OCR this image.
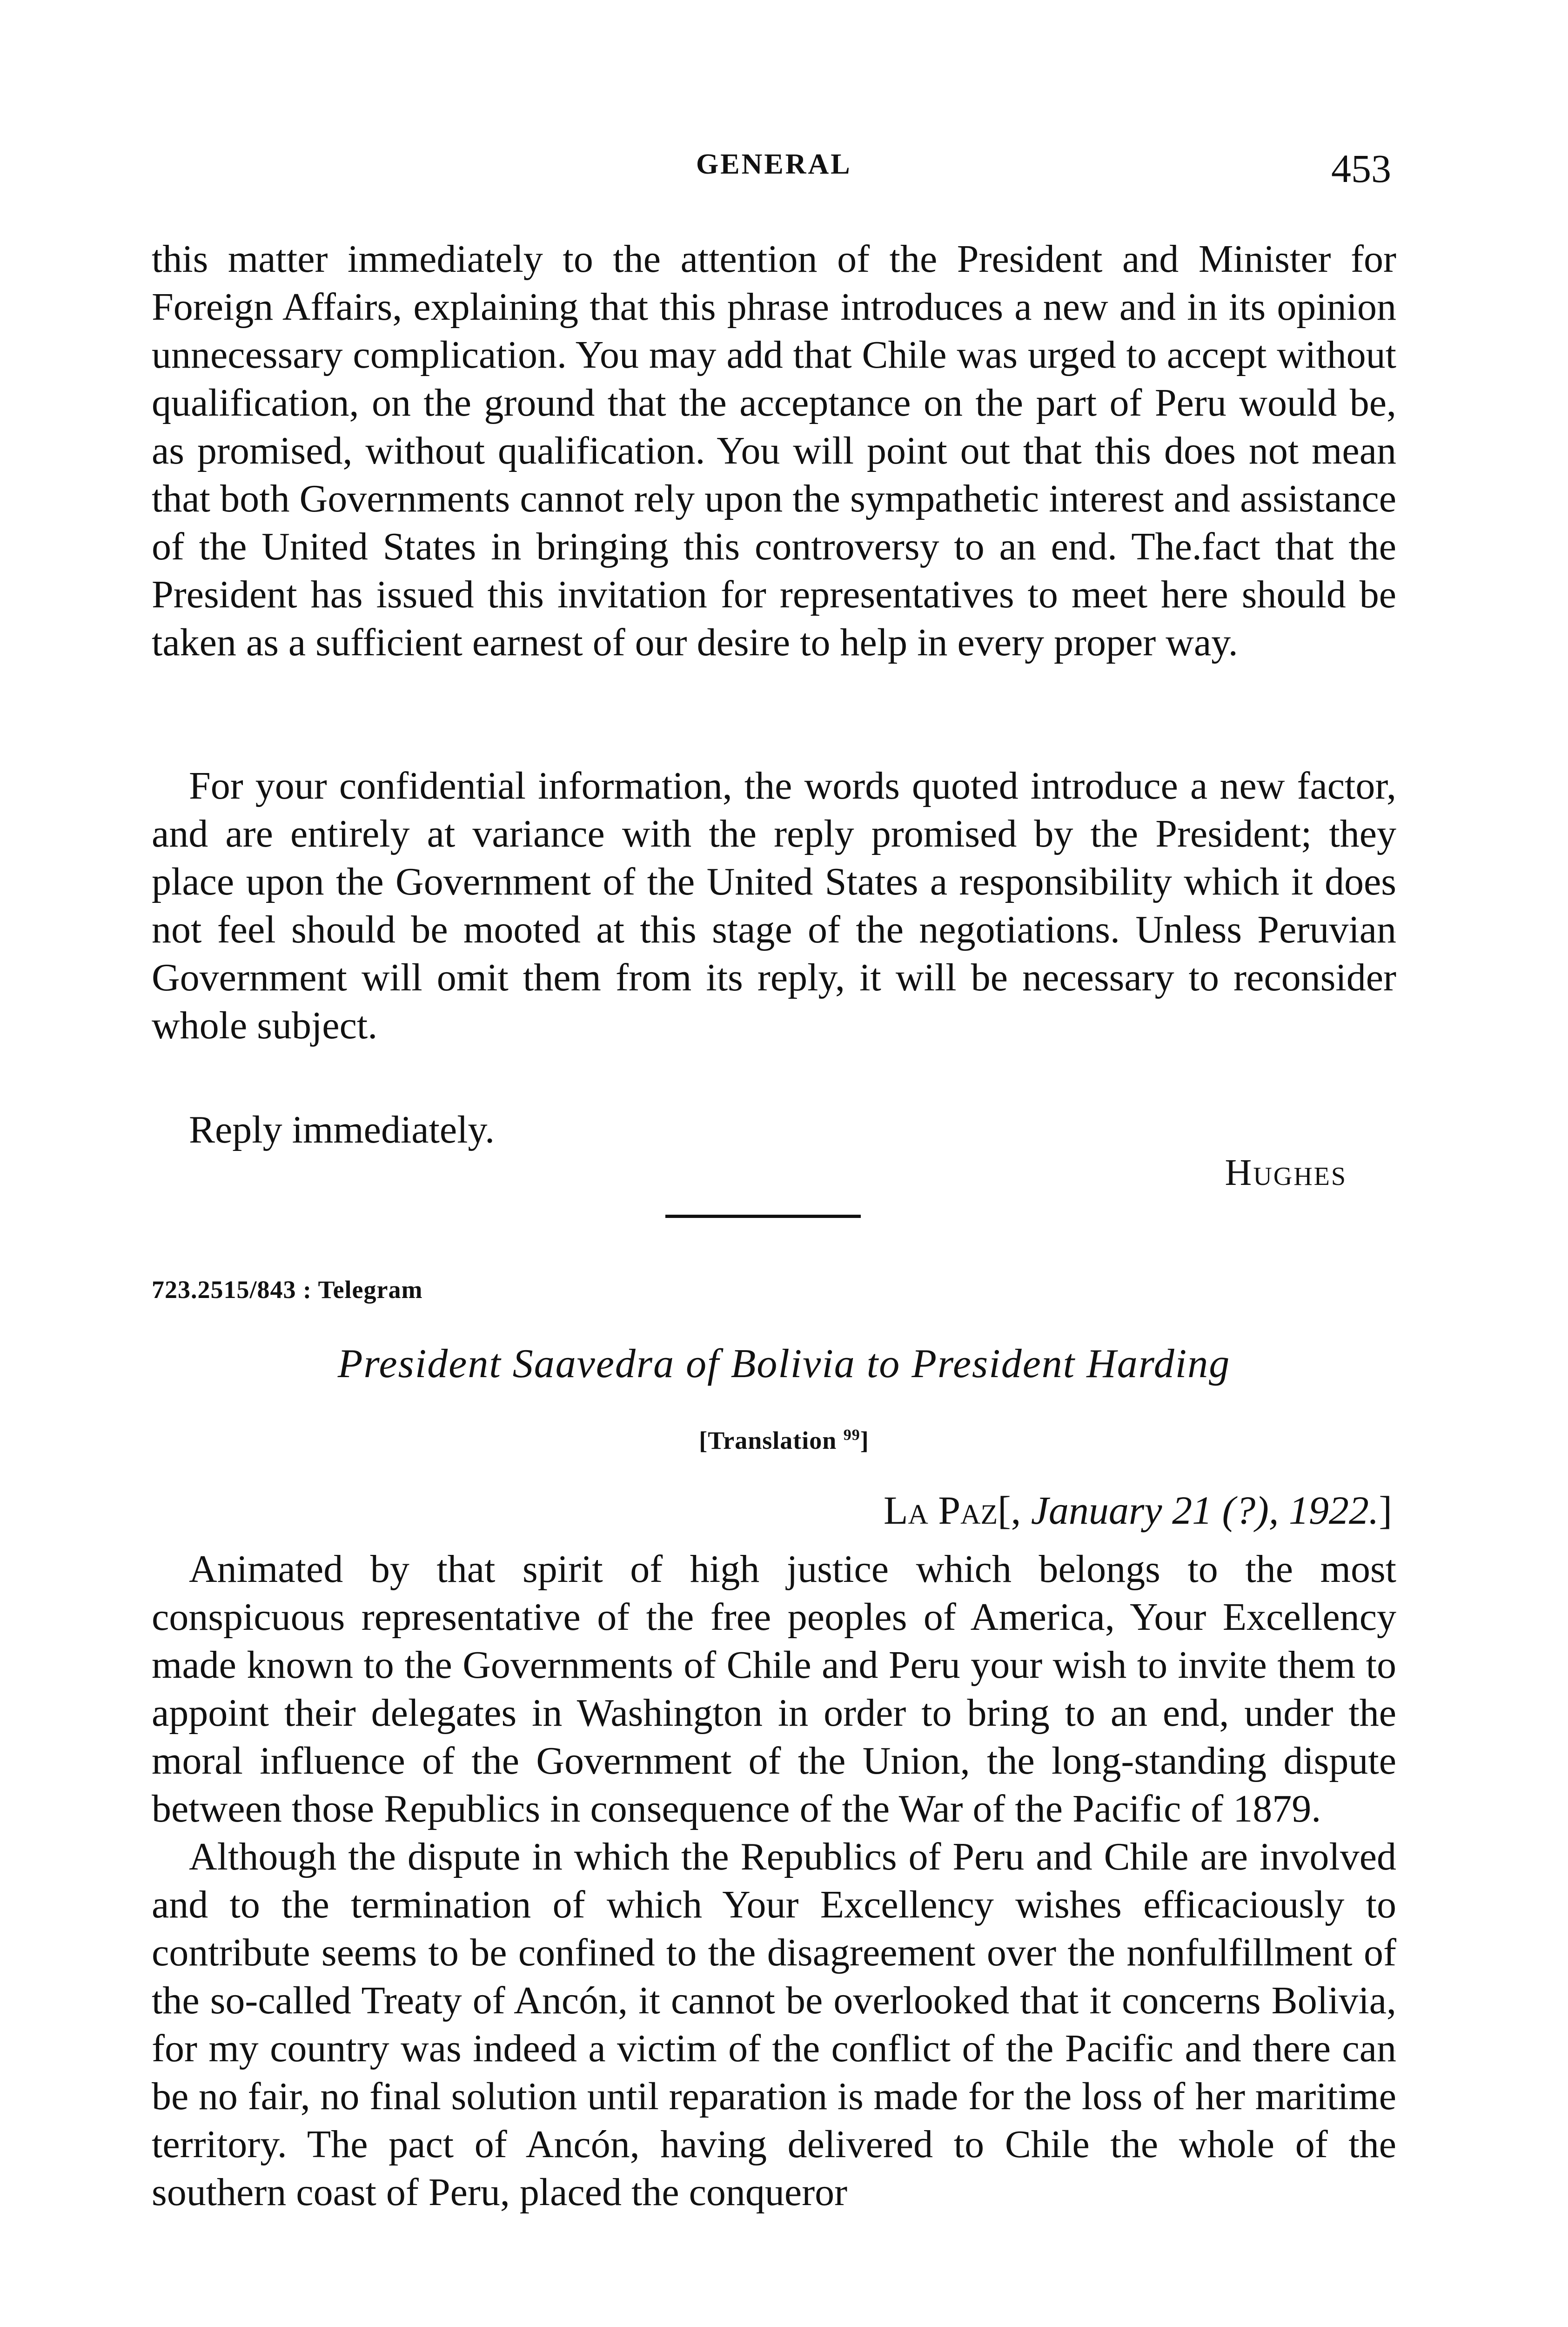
GENERAL	453

this matter immediately to the attention of the President and Minister for Foreign Affairs, explaining that this phrase introduces a new and in its opinion unnecessary complication. You may add that Chile was urged to accept without qualification, on the ground that the acceptance on the part of Peru would be, as promised, without qualification. You will point out that this does not mean that both Governments cannot rely upon the sympathetic interest and assistance of the United States in bringing this controversy to an end. The.fact that the President has issued this invitation for representatives to meet here should be taken as a sufficient earnest of our desire to help in every proper way.

For your confidential information, the words quoted introduce a new factor, and are entirely at variance with the reply promised by the President; they place upon the Government of the United States a responsibility which it does not feel should be mooted at this stage of the negotiations. Unless Peruvian Government will omit them from its reply, it will be necessary to reconsider whole subject.

Reply immediately.

Hughes
723.2515/843 : Telegram
President Saavedra of Bolivia to President Harding
[Translation $^{99}$]
La Paz[, January 21 (?), 1922.]

Animated by that spirit of high justice which belongs to the most conspicuous representative of the free peoples of America, Your Excellency made known to the Governments of Chile and Peru your wish to invite them to appoint their delegates in Washington in order to bring to an end, under the moral influence of the Government of the Union, the long-standing dispute between those Republics in consequence of the War of the Pacific of 1879.

Although the dispute in which the Republics of Peru and Chile are involved and to the termination of which Your Excellency wishes efficaciously to contribute seems to be confined to the disagreement over the nonfulfillment of the so-called Treaty of Ancón, it cannot be overlooked that it concerns Bolivia, for my country was indeed a victim of the conflict of the Pacific and there can be no fair, no final solution until reparation is made for the loss of her maritime territory. The pact of Ancón, having delivered to Chile the whole of the southern coast of Peru, placed the conqueror
